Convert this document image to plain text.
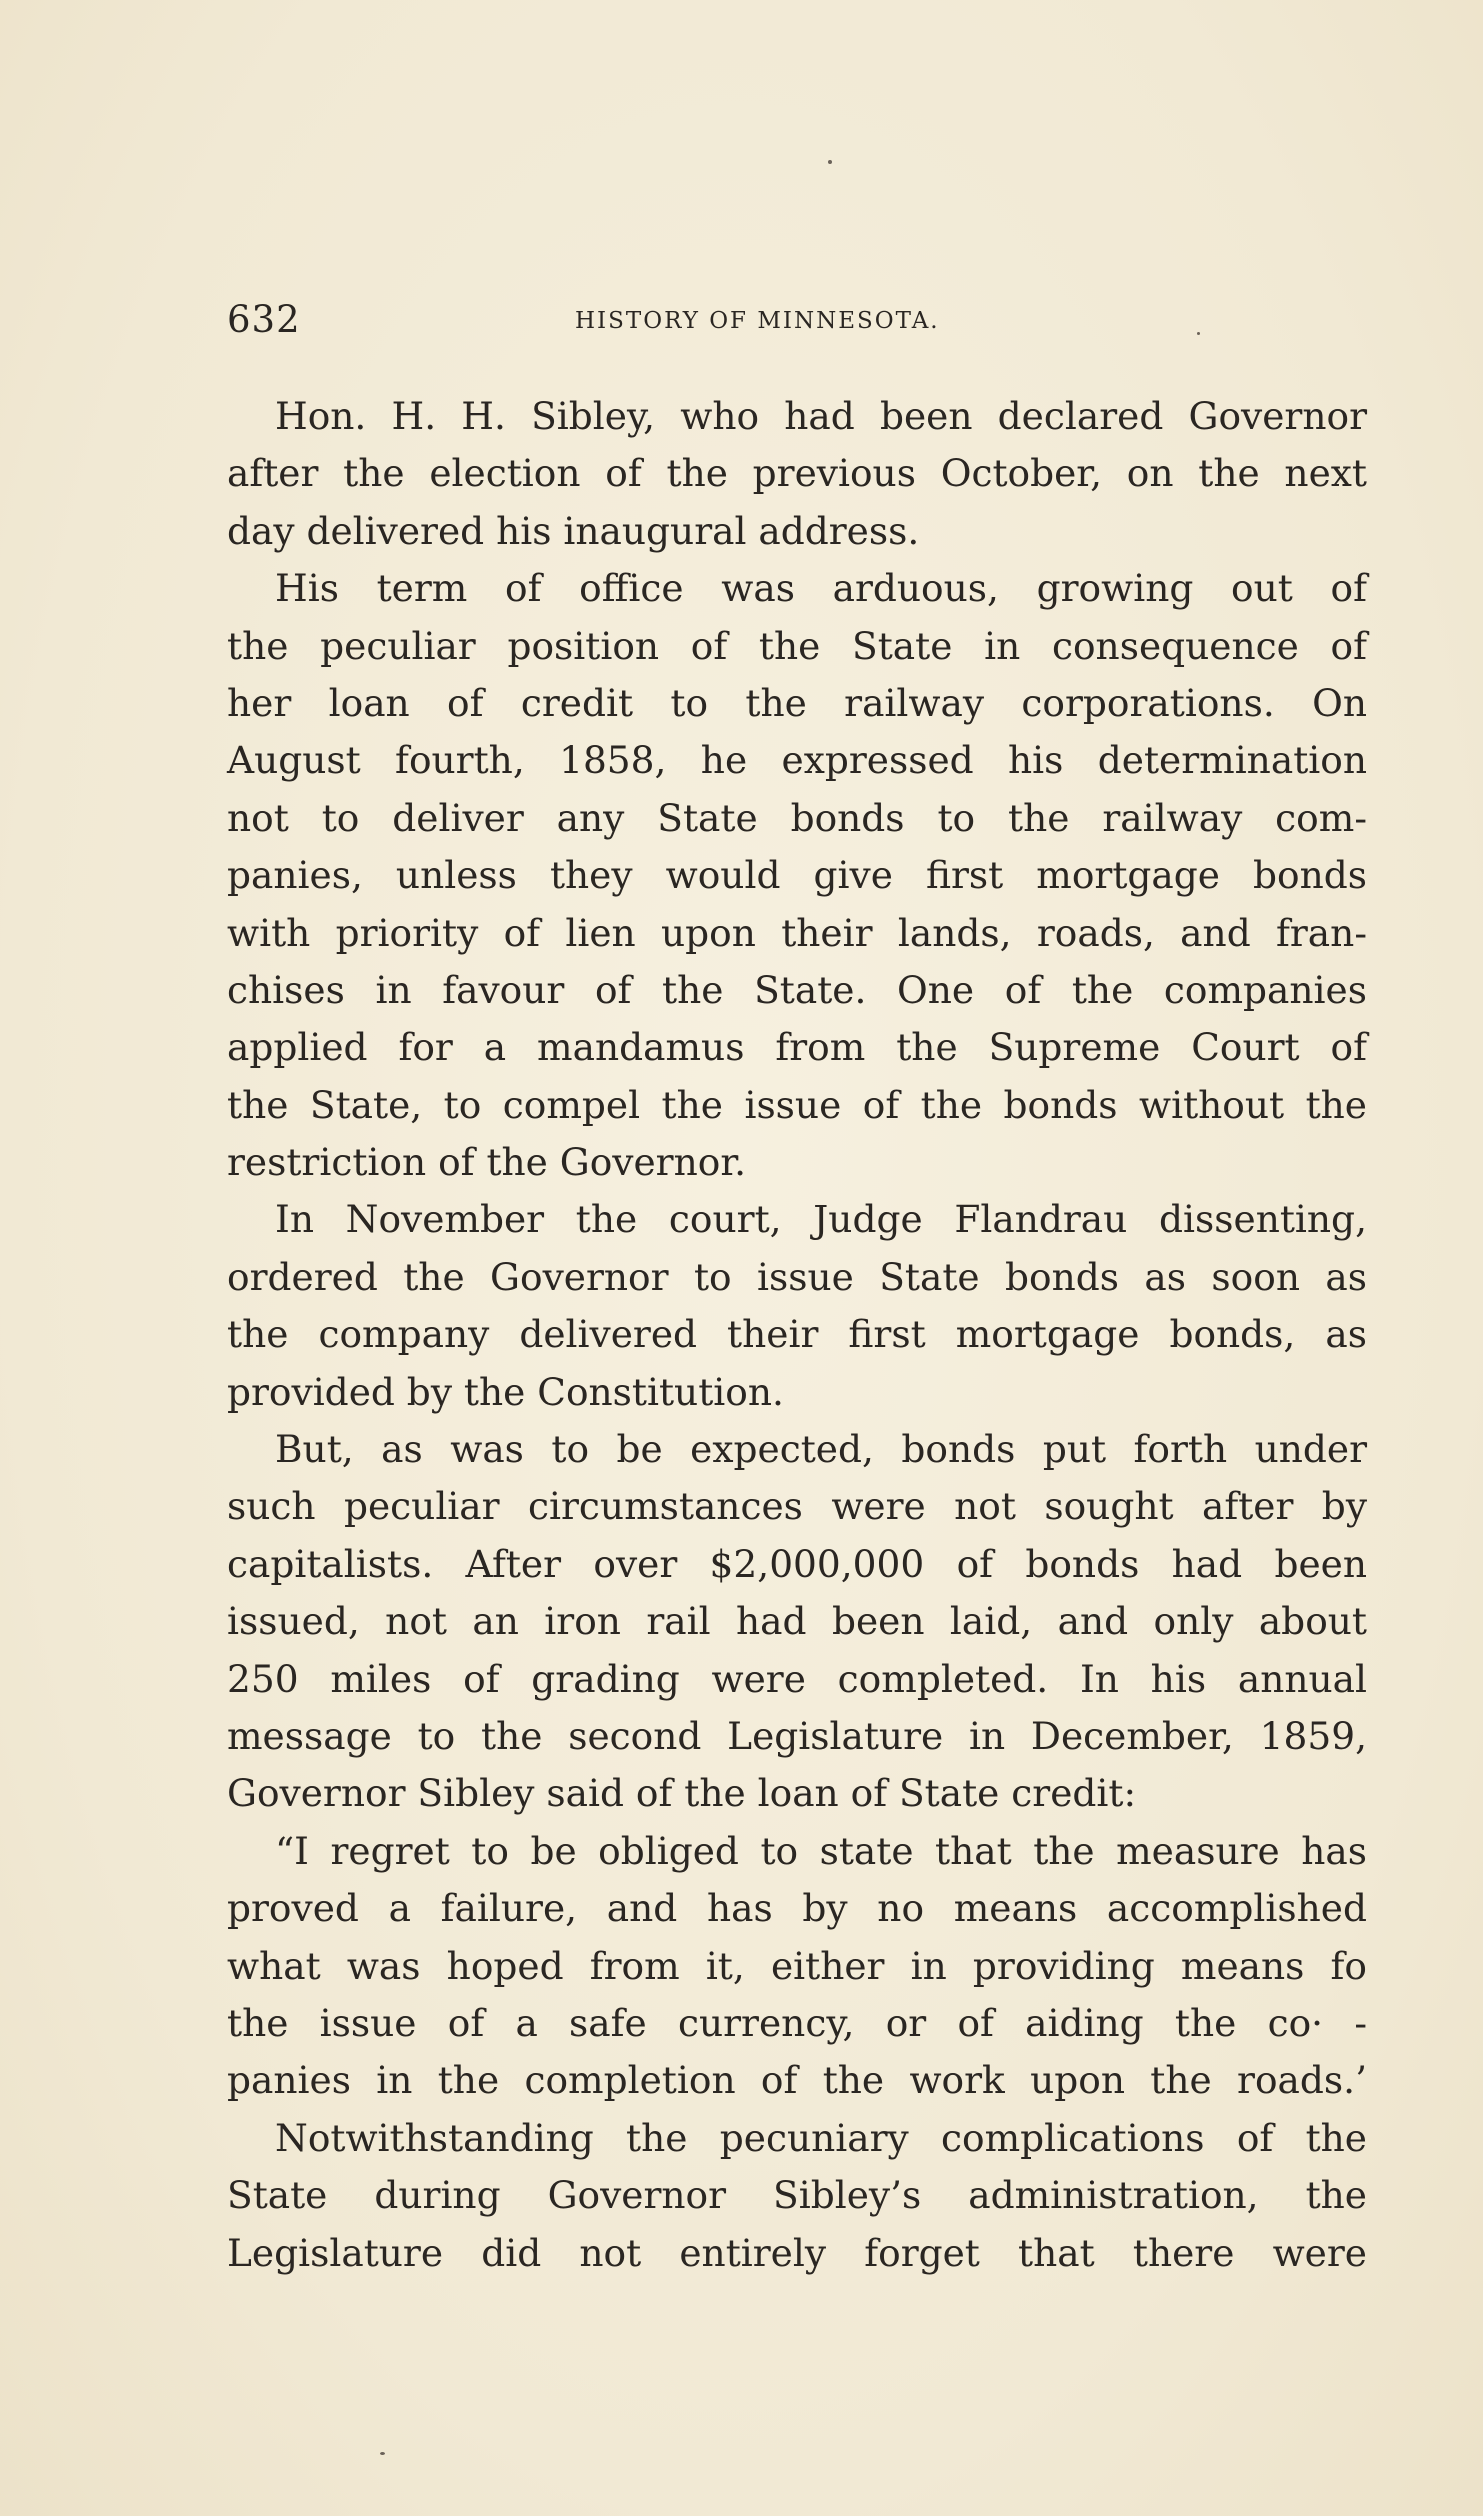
632	HISTORY OF MINNESOTA.
Hon. H. H. Sibley, who had been declared Governor
after the election of the previous October, on the next
day delivered his inaugural address.
His term of office was arduous, growing out of
the peculiar position of the State in consequence of
her loan of credit to the railway corporations. On
August fourth, 1858, he expressed his determination
not to deliver any State bonds to the railway com-
panies, unless they would give first mortgage bonds
with priority of lien upon their lands, roads, and fran-
chises in favour of the State. One of the companies
applied for a mandamus from the Supreme Court of
the State, to compel the issue of the bonds without the
restriction of the Governor.
In November the court, Judge Flandrau dissenting,
ordered the Governor to issue State bonds as soon as
the company delivered their first mortgage bonds, as
provided by the Constitution.
But, as was to be expected, bonds put forth under
such peculiar circumstances were not sought after by
capitalists. After over $2,000,000 of bonds had been
issued, not an iron rail had been laid, and only about
250 miles of grading were completed. In his annual
message to the second Legislature in December, 1859,
Governor Sibley said of the loan of State credit:
“I regret to be obliged to state that the measure has
proved a failure, and has by no means accomplished
what was hoped from it, either in providing means fo
the issue of a safe currency, or of aiding the co· -
panies in the completion of the work upon the roads.’
Notwithstanding the pecuniary complications of the
State during Governor Sibley’s administration, the
Legislature did not entirely forget that there were
